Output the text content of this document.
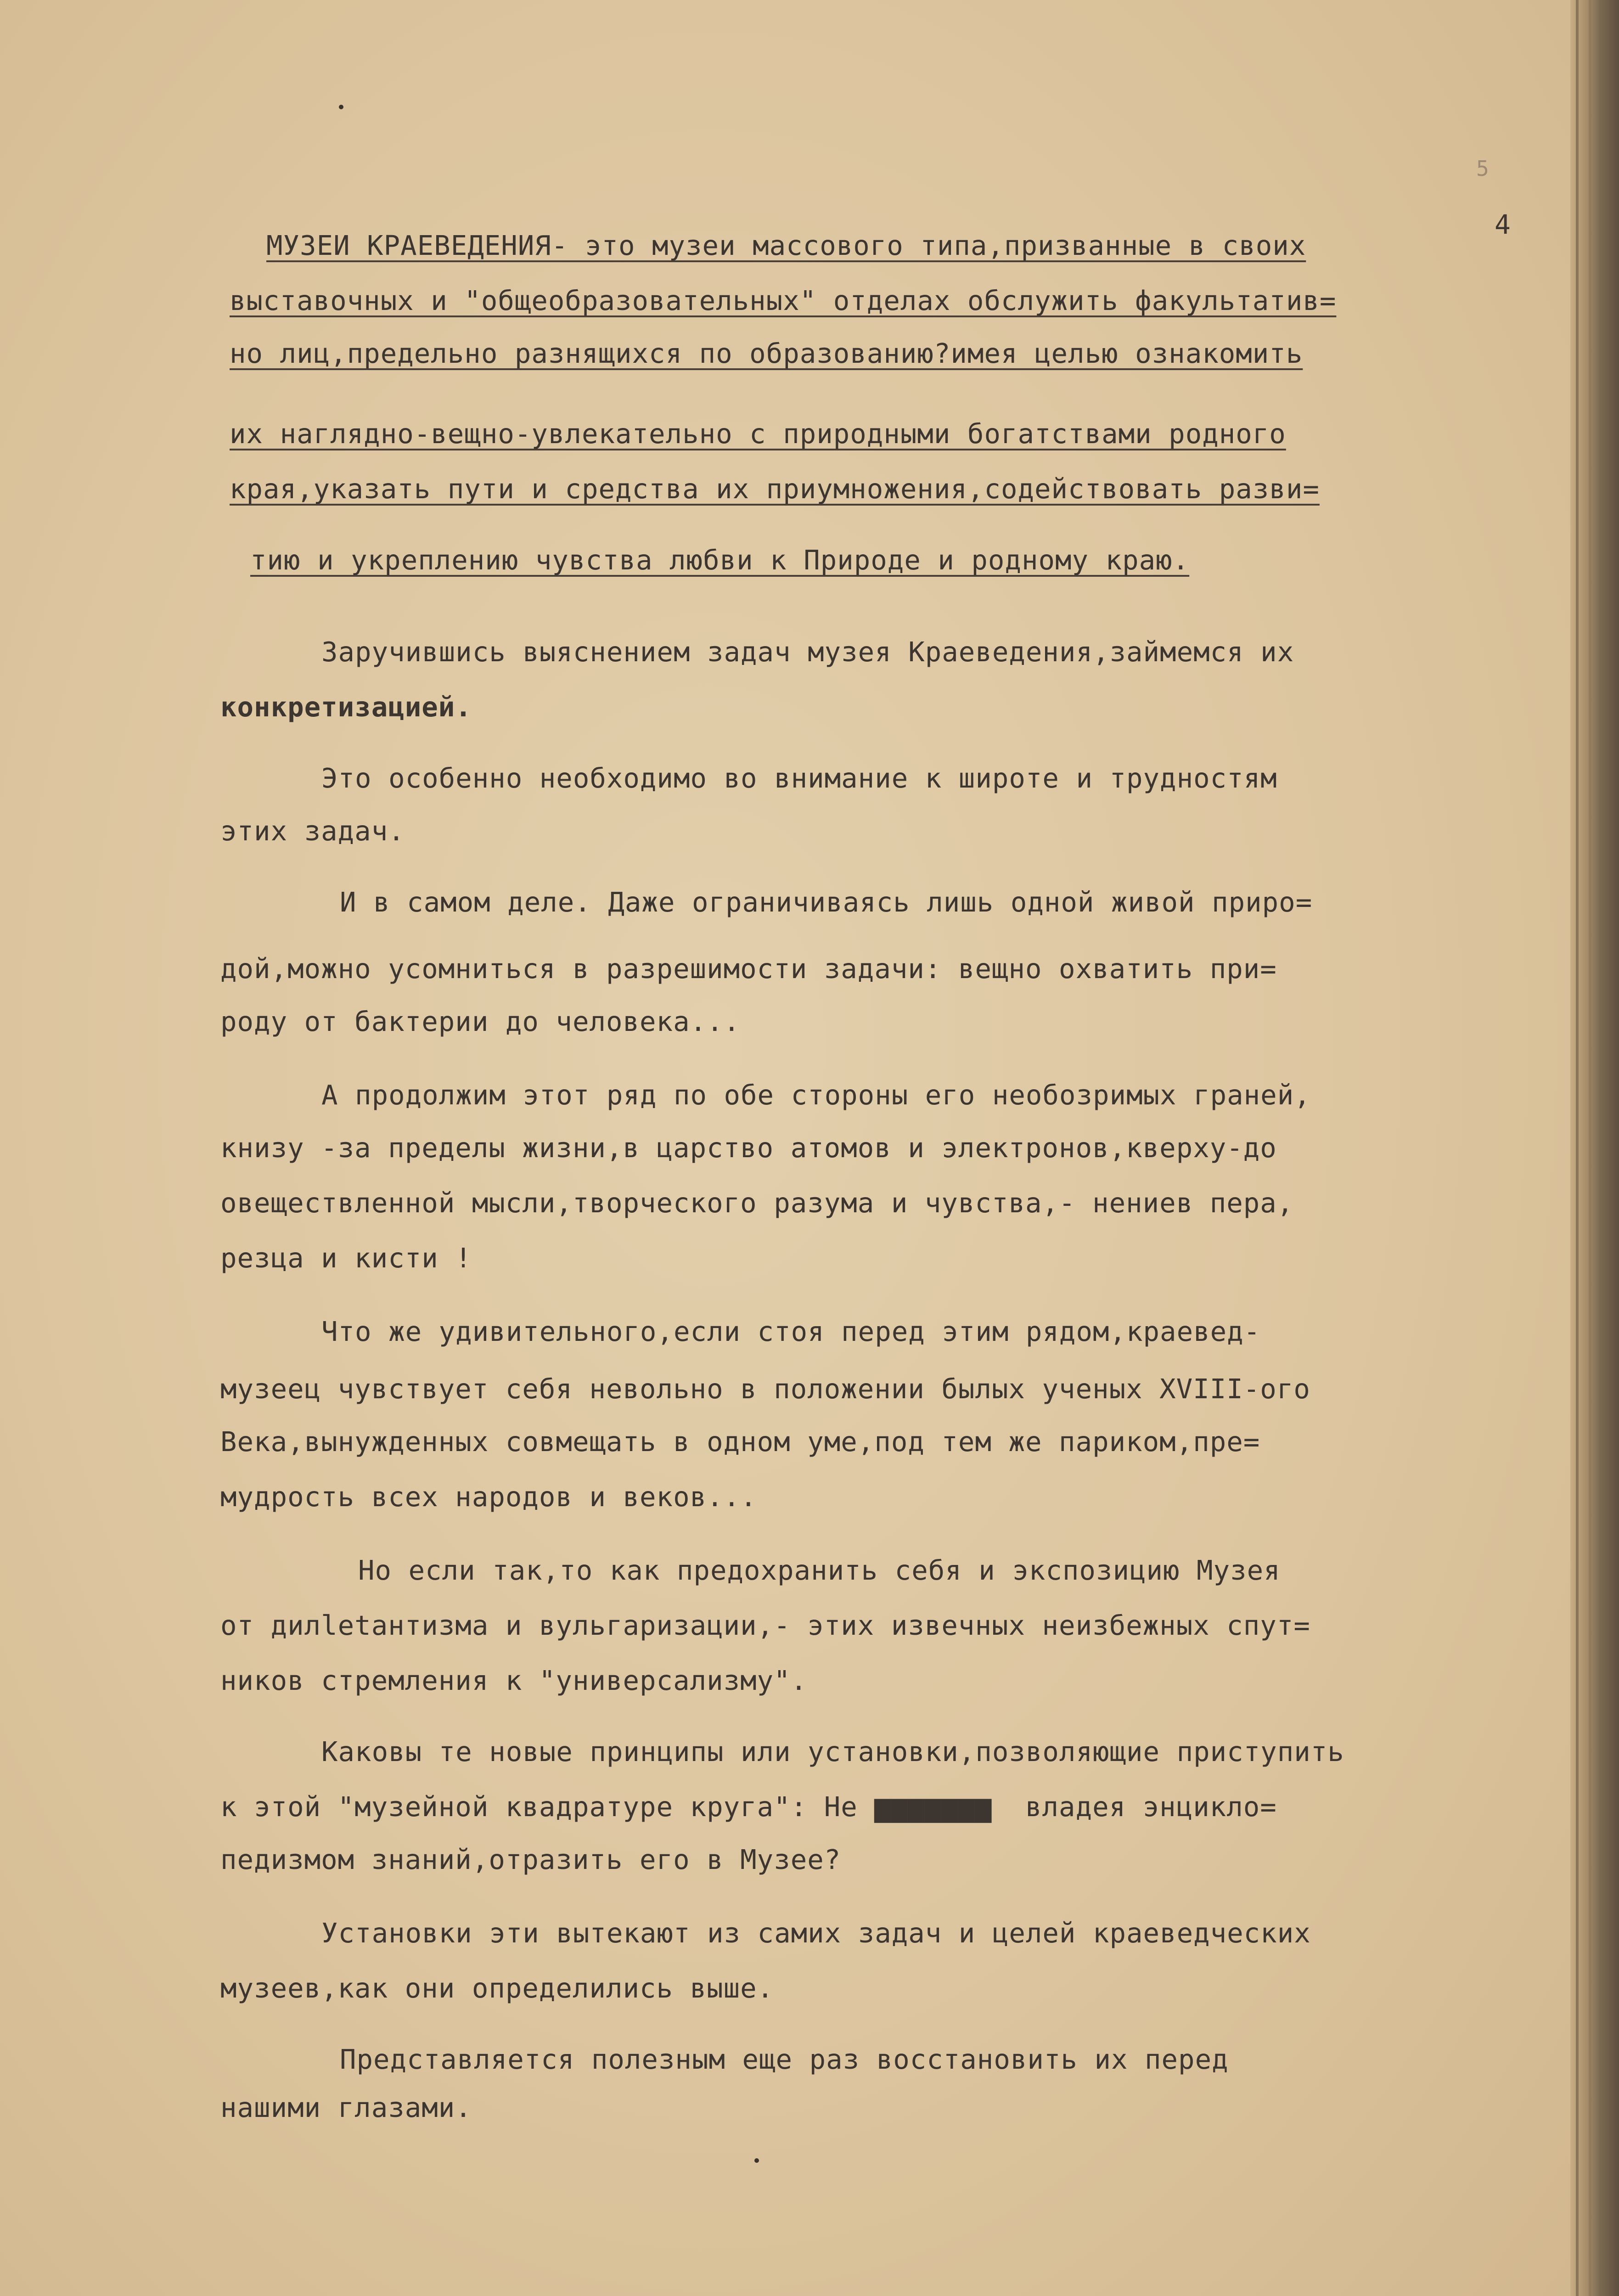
5

4

МУЗЕИ КРАЕВЕДЕНИЯ- это музеи массового типа,призванные в своих

выставочных и "общеобразовательных" отделах обслужить факультатив=

но лиц,предельно разнящихся по образованию?имея целью ознакомить

их наглядно-вещно-увлекательно с природными богатствами родного

края,указать пути и средства их приумножения,содействовать разви=

тию и укреплению чувства любви к Природе и родному краю.

Заручившись выяснением задач музея Краеведения,займемся их

конкретизацией.

Это особенно необходимо во внимание к широте и трудностям

этих задач.

И в самом деле. Даже ограничиваясь лишь одной живой приро=

дой,можно усомниться в разрешимости задачи: вещно охватить при=

роду от бактерии до человека...

А продолжим этот ряд по обе стороны его необозримых граней,

книзу -за пределы жизни,в царство атомов и электронов,кверху-до

овеществленной мысли,творческого разума и чувства,- нениев пера,

резца и кисти !

Что же удивительного,если стоя перед этим рядом,краевед-

музеец чувствует себя невольно в положении былых ученых XVIII-ого

Века,вынужденных совмещать в одном уме,под тем же париком,пре=

мудрость всех народов и веков...

Но если так,то как предохранить себя и экспозицию Музея

от дилletантизма и вульгаризации,- этих извечных неизбежных спут=

ников стремления к "универсализму".

Каковы те новые принципы или установки,позволяющие приступить

к этой "музейной квадратуре круга": Не ▆▆▆▆▆▆▆  владея энцикло=

педизмом знаний,отразить его в Музее?

Установки эти вытекают из самих задач и целей краеведческих

музеев,как они определились выше.

Представляется полезным еще раз восстановить их перед

нашими глазами.
